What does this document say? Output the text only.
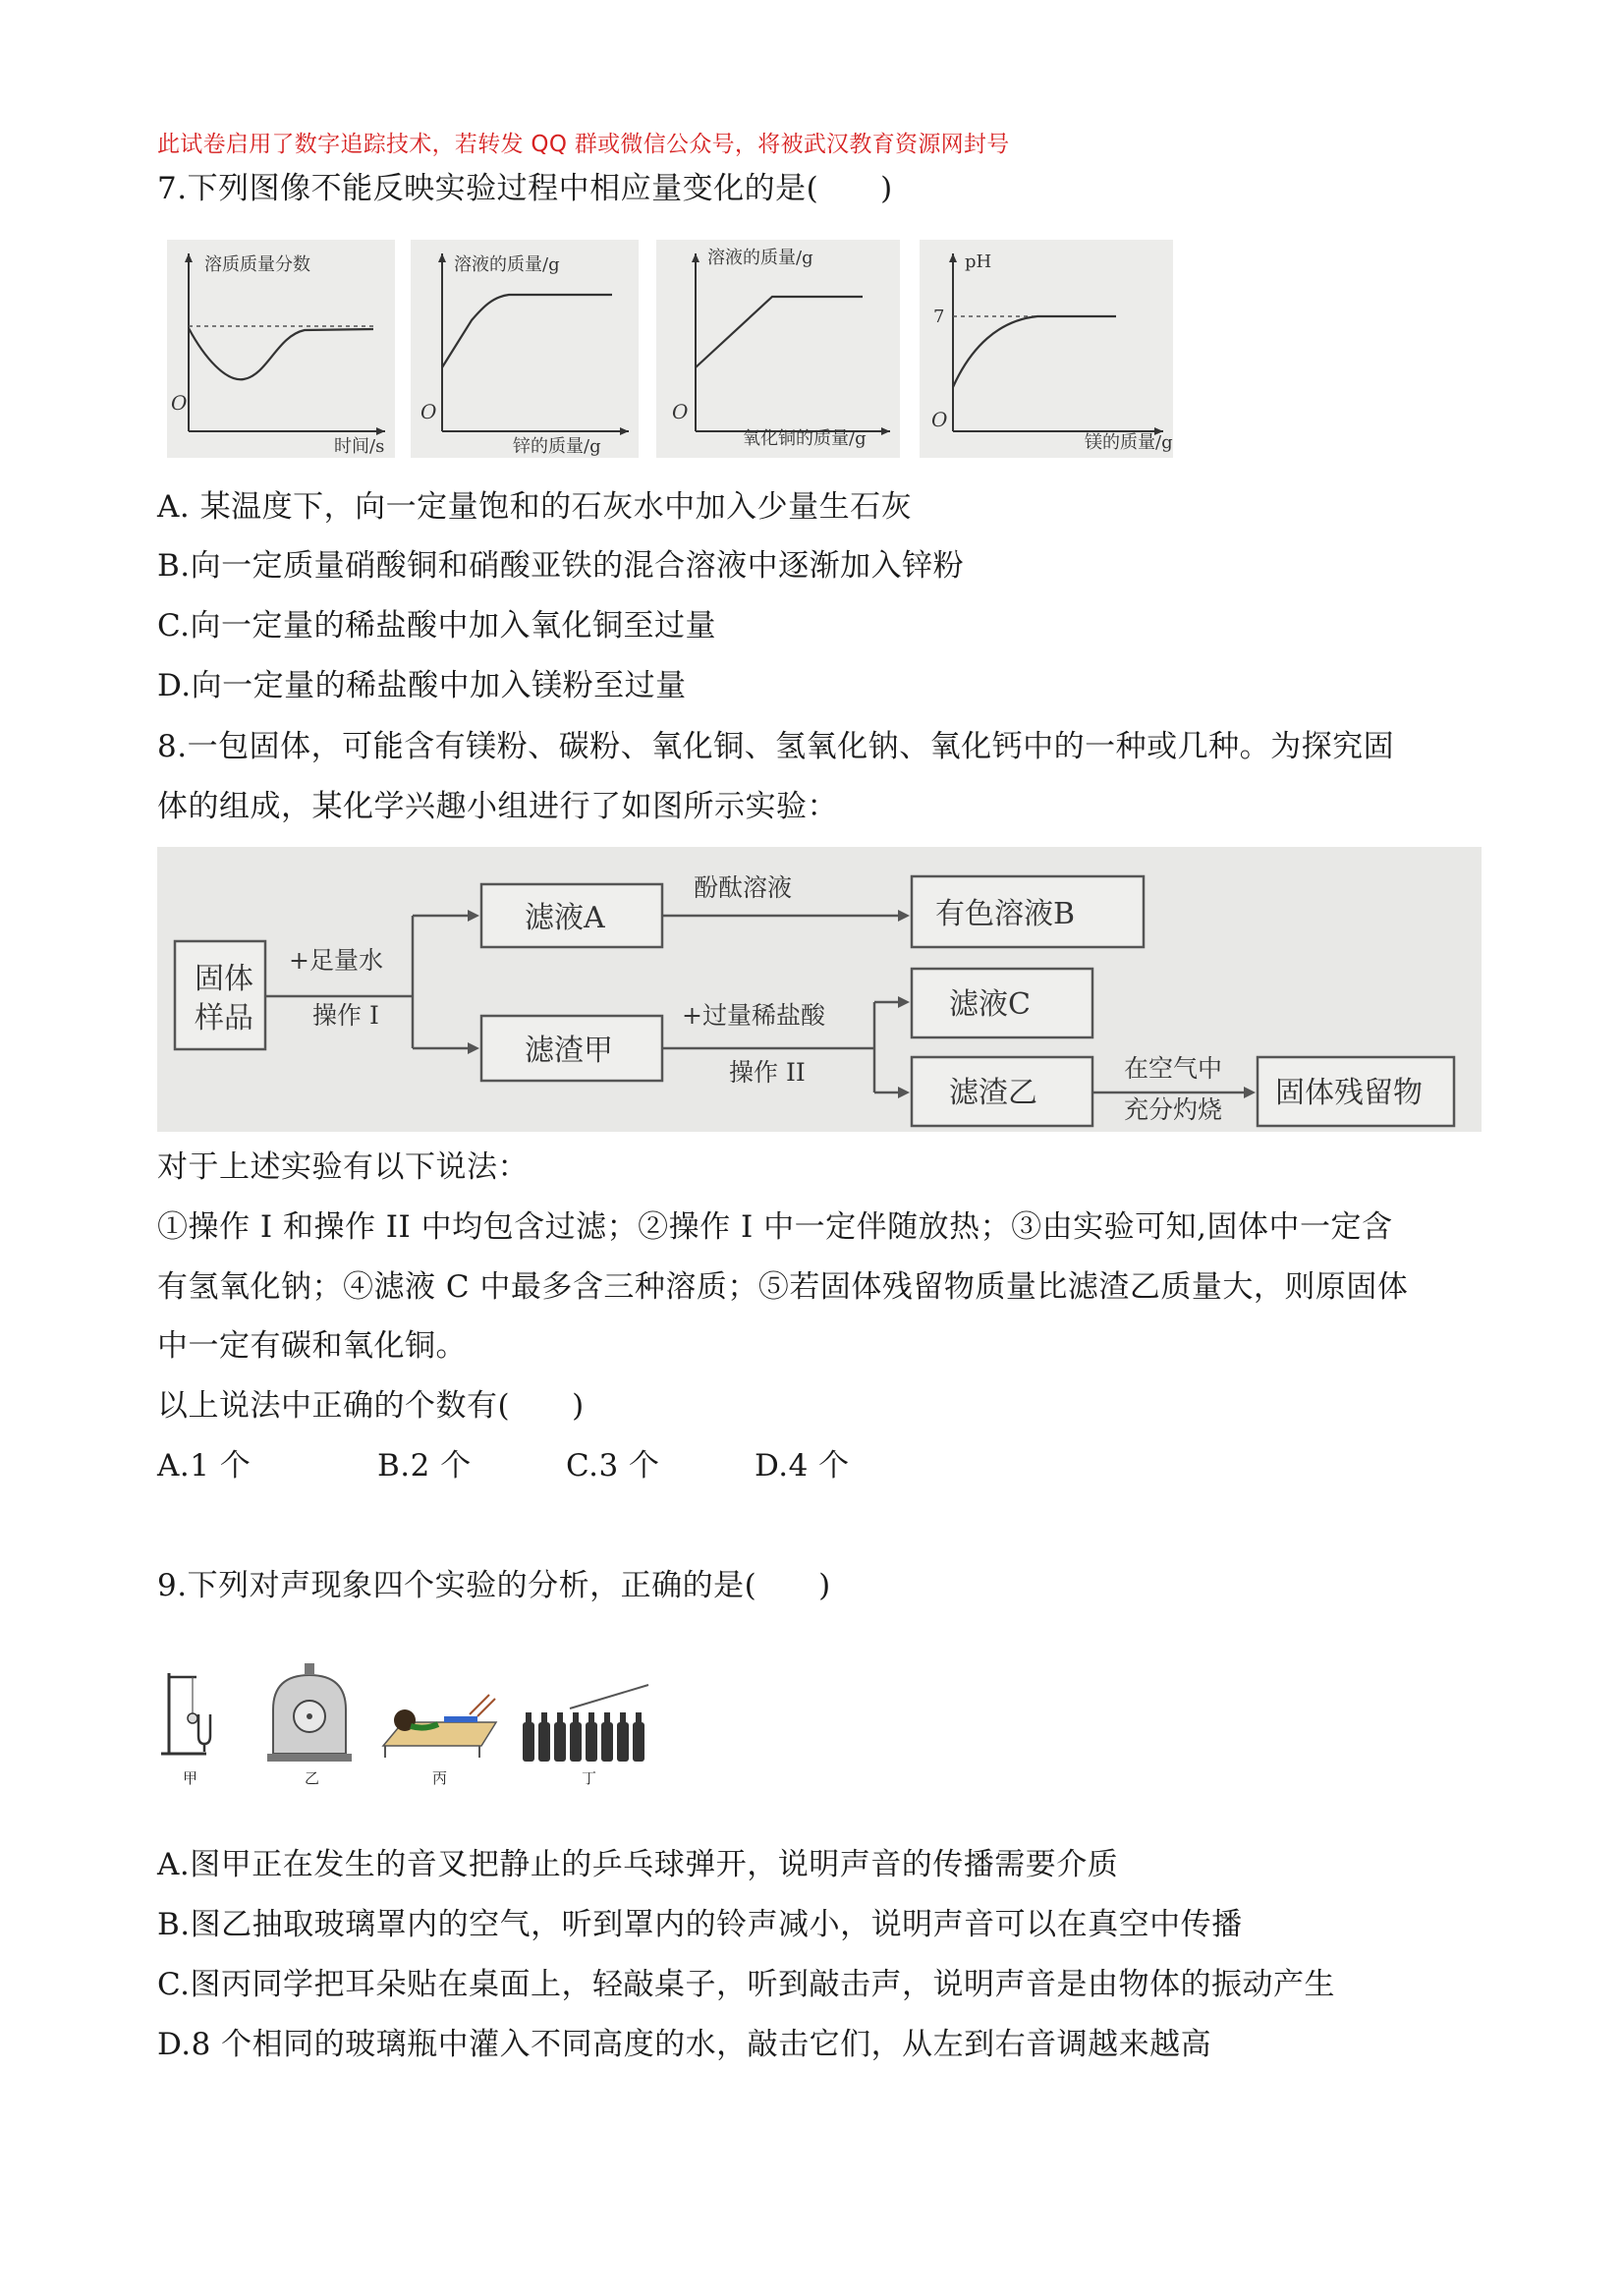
此试卷启用了数字追踪技术，若转发 QQ 群或微信公众号，将被武汉教育资源网封号
7.下列图像不能反映实验过程中相应量变化的是(　　)
溶质质量分数
O
时间/s
溶液的质量/g
O
锌的质量/g
溶液的质量/g
O
氧化铜的质量/g
pH
7
O
镁的质量/g
A. 某温度下，向一定量饱和的石灰水中加入少量生石灰
B.向一定质量硝酸铜和硝酸亚铁的混合溶液中逐渐加入锌粉
C.向一定量的稀盐酸中加入氧化铜至过量
D.向一定量的稀盐酸中加入镁粉至过量
8.一包固体，可能含有镁粉、碳粉、氧化铜、氢氧化钠、氧化钙中的一种或几种。为探究固
体的组成，某化学兴趣小组进行了如图所示实验：
固体
样品
+足量水
操作 I
滤液A
酚酞溶液
有色溶液B
滤渣甲
+过量稀盐酸
操作 II
滤液C
滤渣乙
在空气中
充分灼烧 固体残留物
对于上述实验有以下说法：
①操作 I 和操作 II 中均包含过滤；②操作 I 中一定伴随放热；③由实验可知,固体中一定含
有氢氧化钠；④滤液 C 中最多含三种溶质；⑤若固体残留物质量比滤渣乙质量大，则原固体
中一定有碳和氧化铜。
以上说法中正确的个数有(　　)
A.1 个	B.2 个	C.3 个	D.4 个
9.下列对声现象四个实验的分析，正确的是(　　)
甲	乙	丙	丁
A.图甲正在发生的音叉把静止的乒乓球弹开，说明声音的传播需要介质
B.图乙抽取玻璃罩内的空气，听到罩内的铃声减小，说明声音可以在真空中传播
C.图丙同学把耳朵贴在桌面上，轻敲桌子，听到敲击声，说明声音是由物体的振动产生
D.8 个相同的玻璃瓶中灌入不同高度的水，敲击它们，从左到右音调越来越高
